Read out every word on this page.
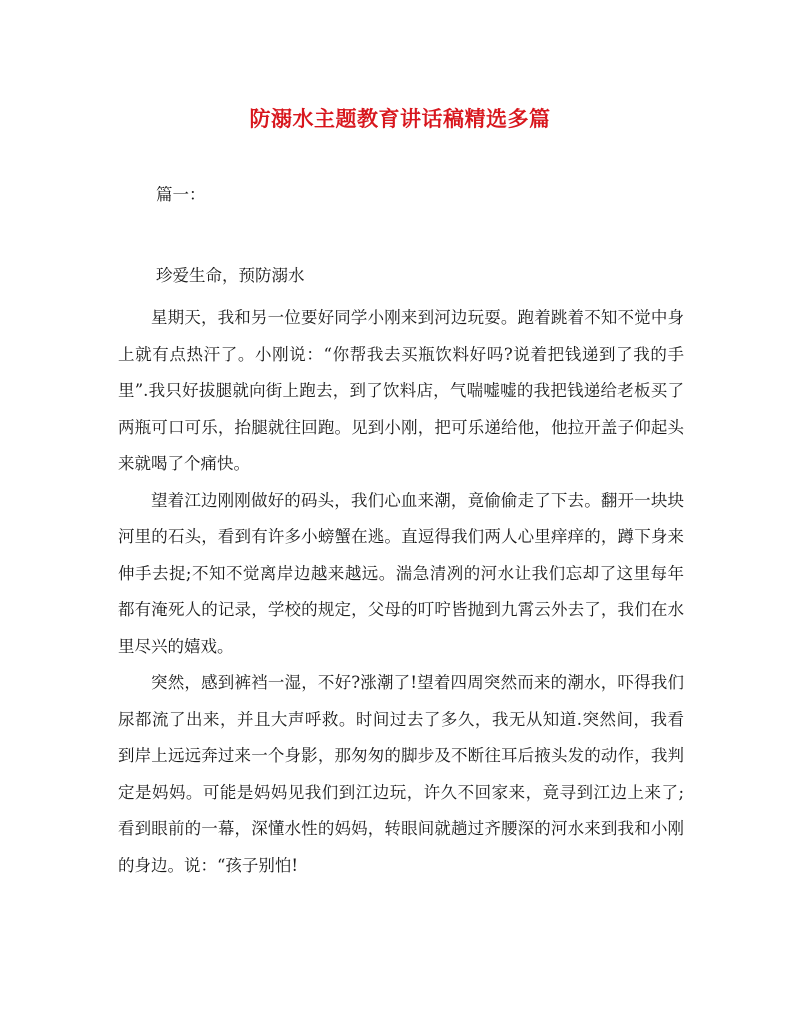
防溺水主题教育讲话稿精选多篇
篇一：
珍爱生命，预防溺水

星期天，我和另一位要好同学小刚来到河边玩耍。跑着跳着不知不觉中身上就有点热汗了。小刚说：“你帮我去买瓶饮料好吗?说着把钱递到了我的手里”.我只好拔腿就向街上跑去，到了饮料店，气喘嘘嘘的我把钱递给老板买了两瓶可口可乐，抬腿就往回跑。见到小刚，把可乐递给他，他拉开盖子仰起头来就喝了个痛快。

望着江边刚刚做好的码头，我们心血来潮，竟偷偷走了下去。翻开一块块河里的石头，看到有许多小螃蟹在逃。直逗得我们两人心里痒痒的，蹲下身来伸手去捉;不知不觉离岸边越来越远。湍急清冽的河水让我们忘却了这里每年都有淹死人的记录，学校的规定，父母的叮咛皆抛到九霄云外去了，我们在水里尽兴的嬉戏。

突然，感到裤裆一湿，不好?涨潮了!望着四周突然而来的潮水，吓得我们尿都流了出来，并且大声呼救。时间过去了多久，我无从知道.突然间，我看到岸上远远奔过来一个身影，那匆匆的脚步及不断往耳后掖头发的动作，我判定是妈妈。可能是妈妈见我们到江边玩，许久不回家来，竟寻到江边上来了;看到眼前的一幕，深懂水性的妈妈，转眼间就趟过齐腰深的河水来到我和小刚的身边。说：“孩子别怕!
